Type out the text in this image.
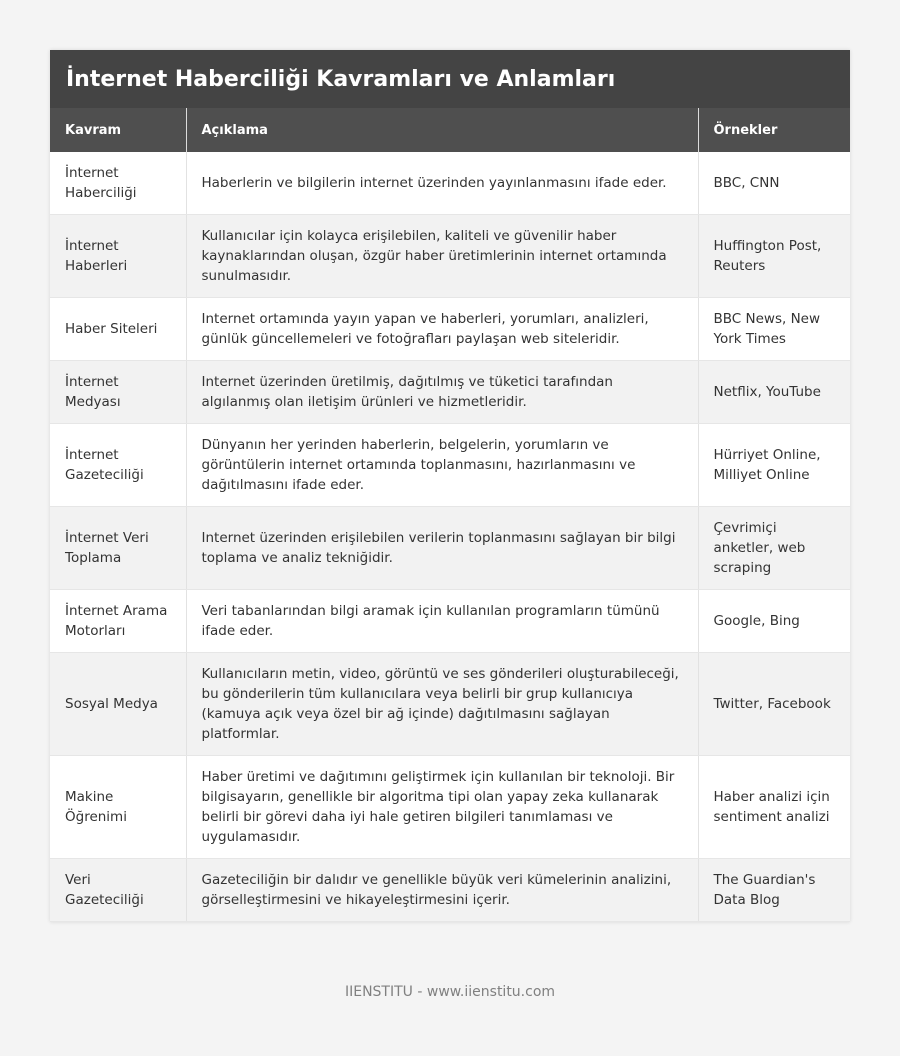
İnternet Haberciliği Kavramları ve Anlamları
Kavram	Açıklama	Örnekler
İnternet Haberciliği	Haberlerin ve bilgilerin internet üzerinden yayınlanmasını ifade eder.	BBC, CNN
İnternet Haberleri	Kullanıcılar için kolayca erişilebilen, kaliteli ve güvenilir haber kaynaklarından oluşan, özgür haber üretimlerinin internet ortamında sunulmasıdır.	Huffington Post, Reuters
Haber Siteleri	Internet ortamında yayın yapan ve haberleri, yorumları, analizleri, günlük güncellemeleri ve fotoğrafları paylaşan web siteleridir.	BBC News, New York Times
İnternet Medyası	Internet üzerinden üretilmiş, dağıtılmış ve tüketici tarafından algılanmış olan iletişim ürünleri ve hizmetleridir.	Netflix, YouTube
İnternet Gazeteciliği	Dünyanın her yerinden haberlerin, belgelerin, yorumların ve görüntülerin internet ortamında toplanmasını, hazırlanmasını ve dağıtılmasını ifade eder.	Hürriyet Online, Milliyet Online
İnternet Veri Toplama	Internet üzerinden erişilebilen verilerin toplanmasını sağlayan bir bilgi toplama ve analiz tekniğidir.	Çevrimiçi anketler, web scraping
İnternet Arama Motorları	Veri tabanlarından bilgi aramak için kullanılan programların tümünü ifade eder.	Google, Bing
Sosyal Medya	Kullanıcıların metin, video, görüntü ve ses gönderileri oluşturabileceği, bu gönderilerin tüm kullanıcılara veya belirli bir grup kullanıcıya (kamuya açık veya özel bir ağ içinde) dağıtılmasını sağlayan platformlar.	Twitter, Facebook
Makine Öğrenimi	Haber üretimi ve dağıtımını geliştirmek için kullanılan bir teknoloji. Bir bilgisayarın, genellikle bir algoritma tipi olan yapay zeka kullanarak belirli bir görevi daha iyi hale getiren bilgileri tanımlaması ve uygulamasıdır.	Haber analizi için sentiment analizi
Veri Gazeteciliği	Gazeteciliğin bir dalıdır ve genellikle büyük veri kümelerinin analizini, görselleştirmesini ve hikayeleştirmesini içerir.	The Guardian's Data Blog
IIENSTITU - www.iienstitu.com
